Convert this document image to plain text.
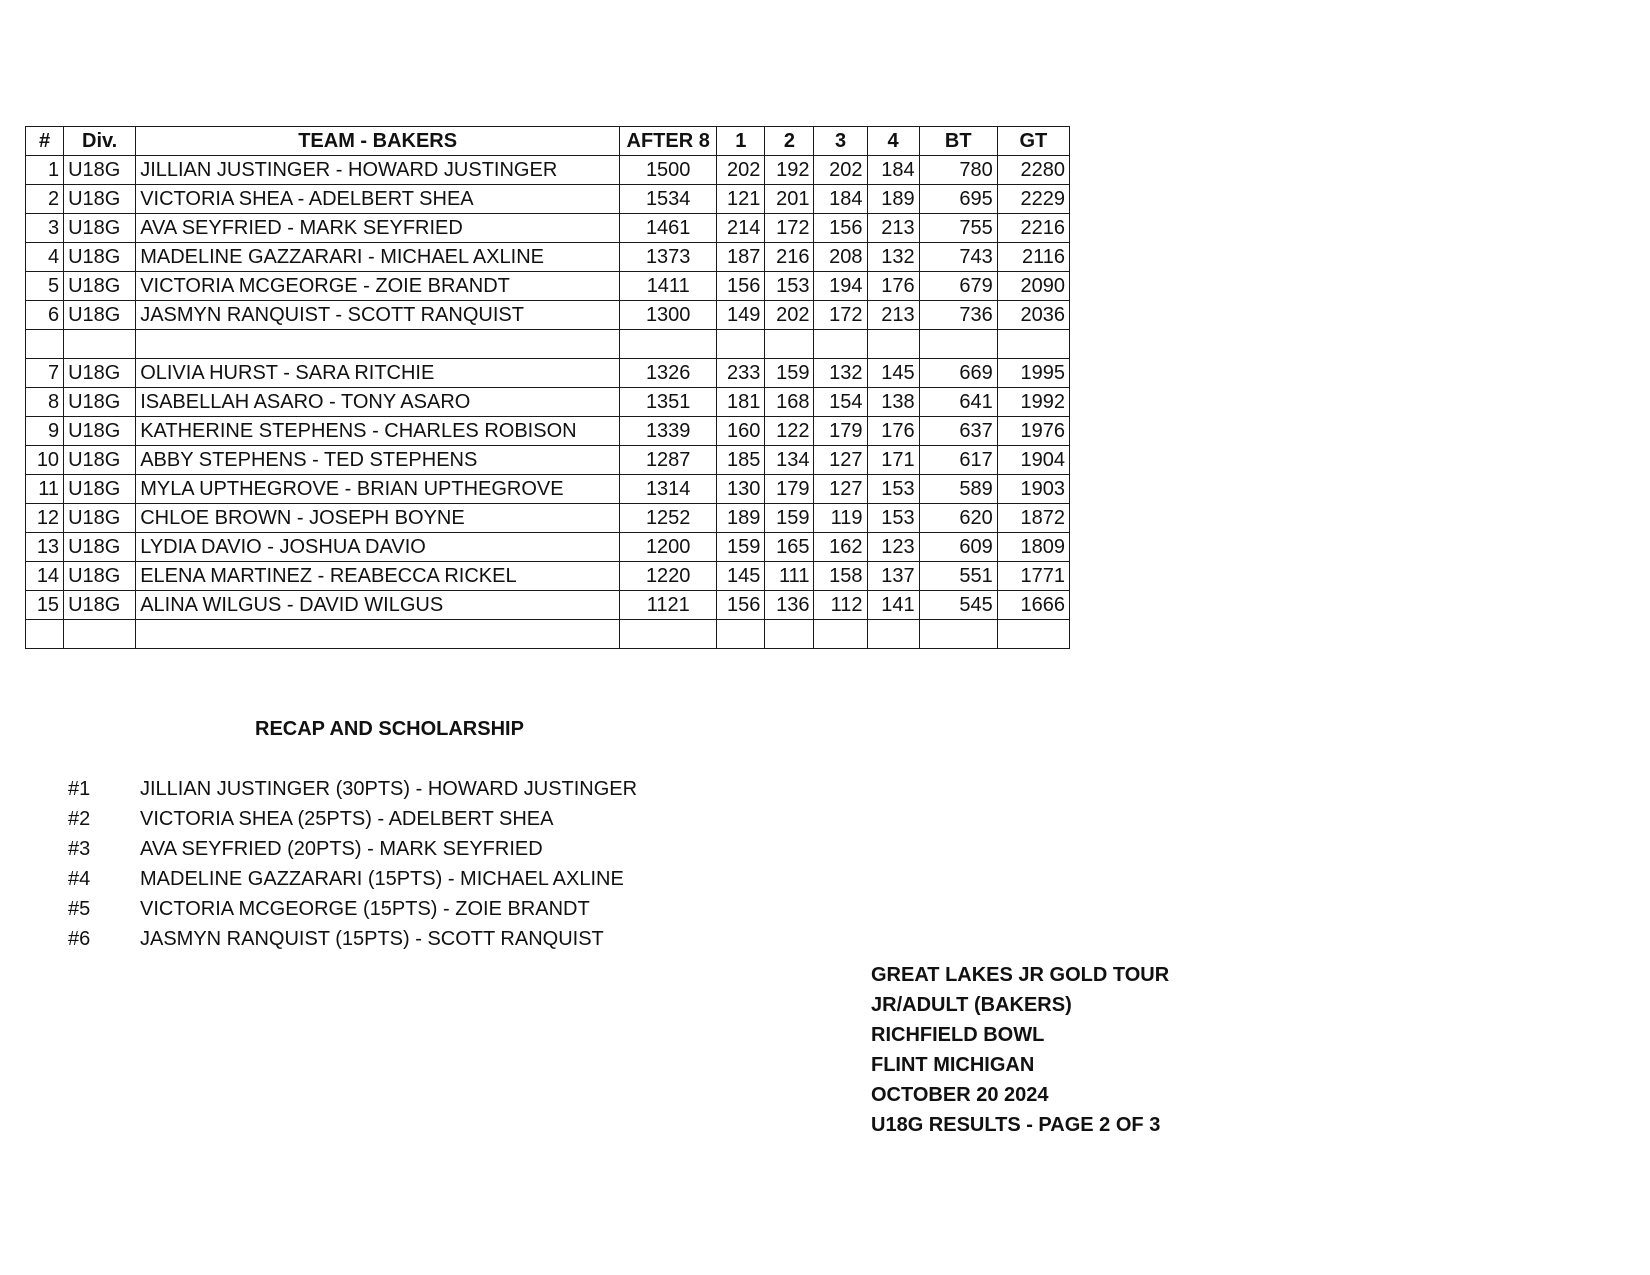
#	Div.	TEAM - BAKERS	AFTER 8	1	2	3	4	BT	GT
1	U18G	JILLIAN JUSTINGER - HOWARD JUSTINGER	1500	202	192	202	184	780	2280
2	U18G	VICTORIA SHEA - ADELBERT SHEA	1534	121	201	184	189	695	2229
3	U18G	AVA SEYFRIED - MARK SEYFRIED	1461	214	172	156	213	755	2216
4	U18G	MADELINE GAZZARARI - MICHAEL AXLINE	1373	187	216	208	132	743	2116
5	U18G	VICTORIA MCGEORGE - ZOIE BRANDT	1411	156	153	194	176	679	2090
6	U18G	JASMYN RANQUIST - SCOTT RANQUIST	1300	149	202	172	213	736	2036

7	U18G	OLIVIA HURST - SARA RITCHIE	1326	233	159	132	145	669	1995
8	U18G	ISABELLAH ASARO - TONY ASARO	1351	181	168	154	138	641	1992
9	U18G	KATHERINE STEPHENS - CHARLES ROBISON	1339	160	122	179	176	637	1976
10	U18G	ABBY STEPHENS - TED STEPHENS	1287	185	134	127	171	617	1904
11	U18G	MYLA UPTHEGROVE - BRIAN UPTHEGROVE	1314	130	179	127	153	589	1903
12	U18G	CHLOE BROWN - JOSEPH BOYNE	1252	189	159	119	153	620	1872
13	U18G	LYDIA DAVIO - JOSHUA DAVIO	1200	159	165	162	123	609	1809
14	U18G	ELENA MARTINEZ - REABECCA RICKEL	1220	145	111	158	137	551	1771
15	U18G	ALINA WILGUS - DAVID WILGUS	1121	156	136	112	141	545	1666

RECAP AND SCHOLARSHIP
#1	JILLIAN JUSTINGER (30PTS) - HOWARD JUSTINGER
#2	VICTORIA SHEA (25PTS) - ADELBERT SHEA
#3	AVA SEYFRIED (20PTS) - MARK SEYFRIED
#4	MADELINE GAZZARARI (15PTS) - MICHAEL AXLINE
#5	VICTORIA MCGEORGE (15PTS) - ZOIE BRANDT
#6	JASMYN RANQUIST (15PTS) - SCOTT RANQUIST
GREAT LAKES JR GOLD TOUR
JR/ADULT (BAKERS)
RICHFIELD BOWL
FLINT MICHIGAN
OCTOBER 20 2024
U18G RESULTS - PAGE 2 OF 3
